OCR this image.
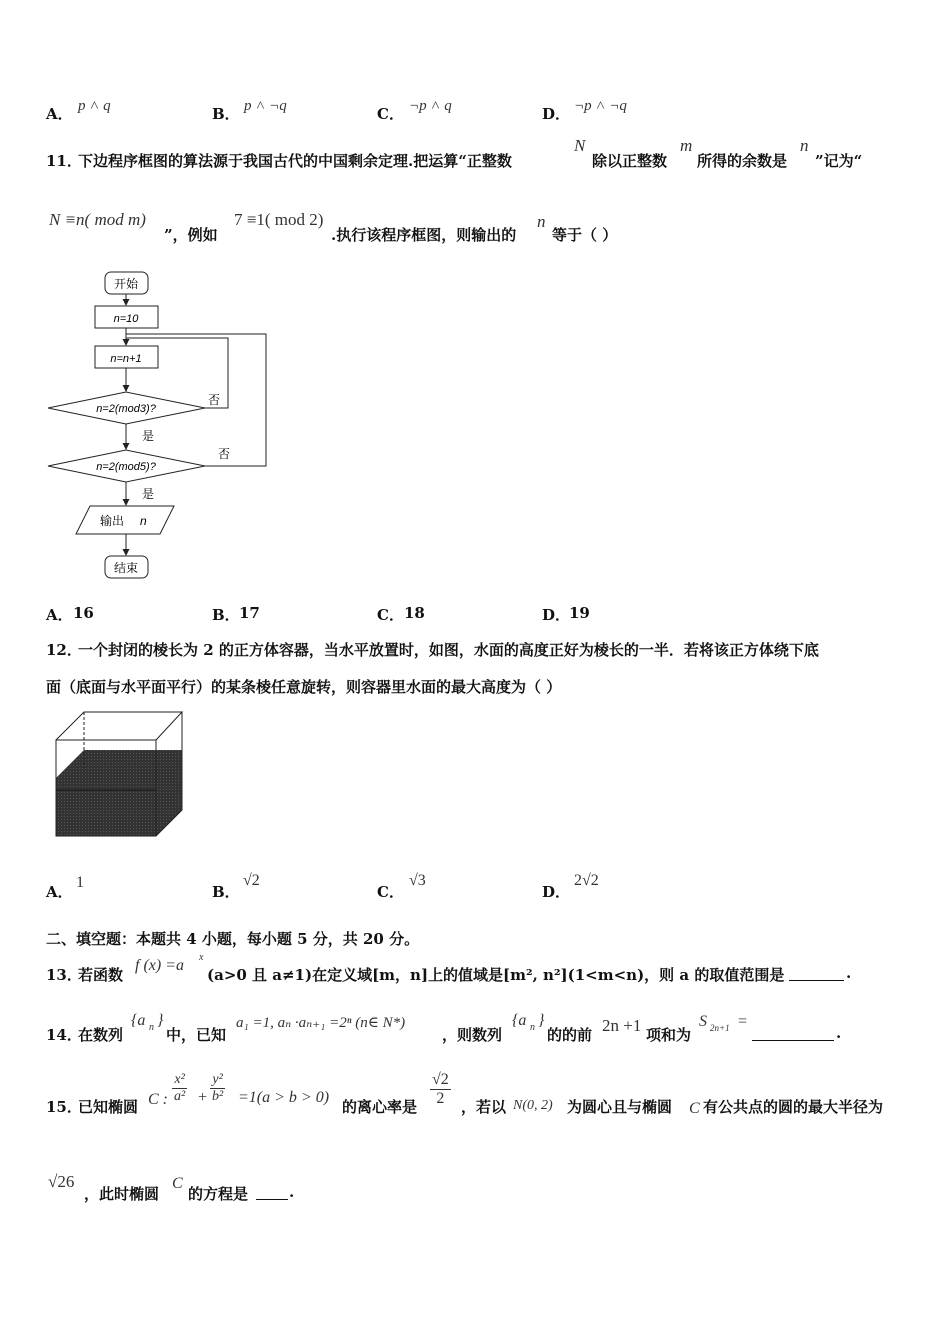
A． p ˄ q	B． p ˄ ¬q	C． ¬p ˄ q	D． ¬p ˄ ¬q
11．
下边程序框图的算法源于我国古代的中国剩余定理.把运算“正整数
N
除以正整数
m
所得的余数是
n
”记为“
N ≡n( mod m)
”，例如
7 ≡1( mod 2)
.执行该程序框图，则输出的
n
等于（ ）
开始
n=10
n=n+1
n=2(mod3)?
否
是
n=2(mod5)?
否
是
输出 n
结束
A． 16	B． 17	C． 18	D．
19
12．
一个封闭的棱长为 2 的正方体容器，当水平放置时，如图，水面的高度正好为棱长的一半．若将该正方体绕下底
面（底面与水平面平行）的某条棱任意旋转，则容器里水面的最大高度为（ ）
A．
1
B．
√2
C．
√3
D．
2√2
二、填空题：本题共 4 小题，每小题 5 分，共 20 分。
13．
若函数
f (x) =a x
(a>0 且 a≠1)在定义域[m，n]上的值域是[m², n²](1<m<n)，则 a 的取值范围是	.
14．
在数列
{a n }
中，已知
a₁ =1, aₙ ·aₙ₊₁ =2ⁿ (n∈ N*)
，则数列
{a n }
的的前 2n +1 项和为
S 2n+1 =
.
15．
已知椭圆 C : $\frac{\text{x²}}{\text{a²}} + \frac{\text{y²}}{\text{b²}} =1(a > b > 0)$
的离心率是 $\frac{√2}{2}$ ，若以 N(0, 2) 为圆心且与椭圆 C 有公共点的圆的最大半径为
√26
，此时椭圆
C
的方程是	.
